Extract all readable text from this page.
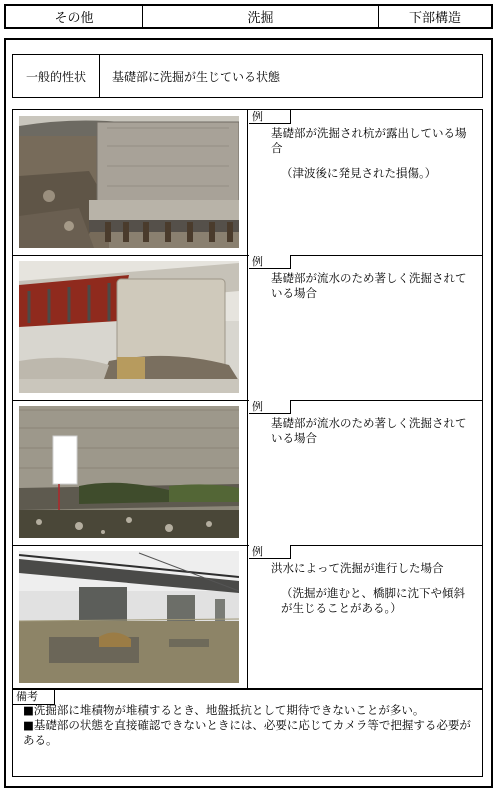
その他	洗掘	下部構造
一般的性状	基礎部に洗掘が生じている状態
例

基礎部が洗掘され杭が露出している場合

（津波後に発見された損傷。）

例

基礎部が流水のため著しく洗掘されている場合

例

基礎部が流水のため著しく洗掘されている場合

例

洪水によって洗掘が進行した場合

（洗掘が進むと、橋脚に沈下や傾斜が生じることがある。）

備考

■洗掘部に堆積物が堆積するとき、地盤抵抗として期待できないことが多い。

■基礎部の状態を直接確認できないときには、必要に応じてカメラ等で把握する必要がある。
